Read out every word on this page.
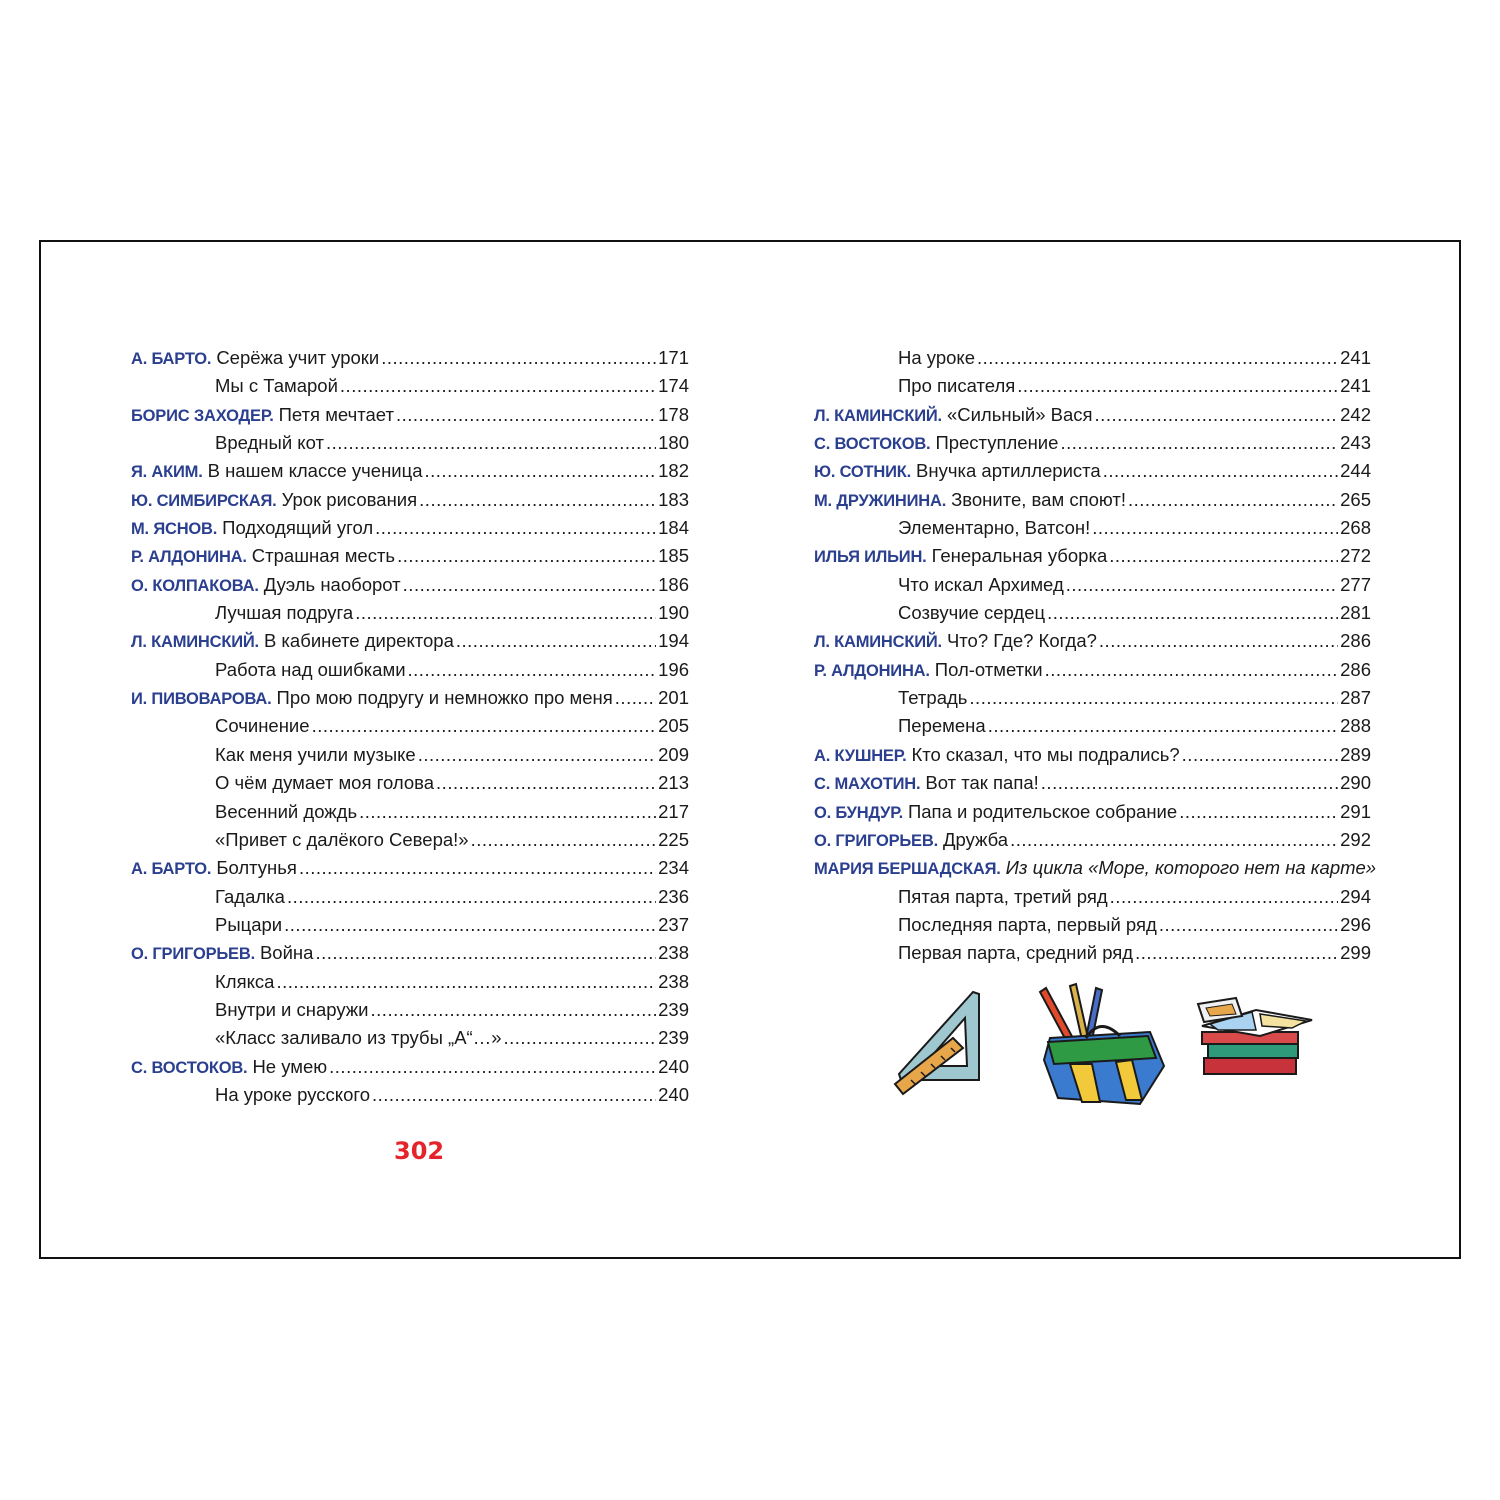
А. БАРТО. Серёжа учит уроки .....	171
Мы с Тамарой .....	174
БОРИС ЗАХОДЕР. Петя мечтает .....	178
Вредный кот .....	180
Я. АКИМ. В нашем классе ученица .....	182
Ю. СИМБИРСКАЯ. Урок рисования .....	183
М. ЯСНОВ. Подходящий угол .....	184
Р. АЛДОНИНА. Страшная месть .....	185
О. КОЛПАКОВА. Дуэль наоборот .....	186
Лучшая подруга .....	190
Л. КАМИНСКИЙ. В кабинете директора .....	194
Работа над ошибками .....	196
И. ПИВОВАРОВА. Про мою подругу и немножко про меня ..... 201
Сочинение .....	205
Как меня учили музыке .....	209
О чём думает моя голова .....	213
Весенний дождь .....	217
«Привет с далёкого Севера!» .....	225
А. БАРТО. Болтунья .....	234
Гадалка .....	236
Рыцари .....	237
О. ГРИГОРЬЕВ. Война .....	238
Клякса .....	238
Внутри и снаружи .....	239
«Класс заливало из трубы „А“…» .....	239
С. ВОСТОКОВ. Не умею .....	240
На уроке русского .....	240
На уроке .....	241
Про писателя .....	241
Л. КАМИНСКИЙ. «Сильный» Вася .....	242
С. ВОСТОКОВ. Преступление .....	243
Ю. СОТНИК. Внучка артиллериста .....	244
М. ДРУЖИНИНА. Звоните, вам споют! .....	265
Элементарно, Ватсон! .....	268
ИЛЬЯ ИЛЬИН. Генеральная уборка .....	272
Что искал Архимед .....	277
Созвучие сердец .....	281
Л. КАМИНСКИЙ. Что? Где? Когда? .....	286
Р. АЛДОНИНА. Пол-отметки .....	286
Тетрадь .....	287
Перемена .....	288
А. КУШНЕР. Кто сказал, что мы подрались? .....	289
С. МАХОТИН. Вот так папа! .....	290
О. БУНДУР. Папа и родительское собрание .....	291
О. ГРИГОРЬЕВ. Дружба .....	292
МАРИЯ БЕРШАДСКАЯ. Из цикла «Море, которого нет на карте»
Пятая парта, третий ряд .....	294
Последняя парта, первый ряд .....	296
Первая парта, средний ряд .....	299
302
